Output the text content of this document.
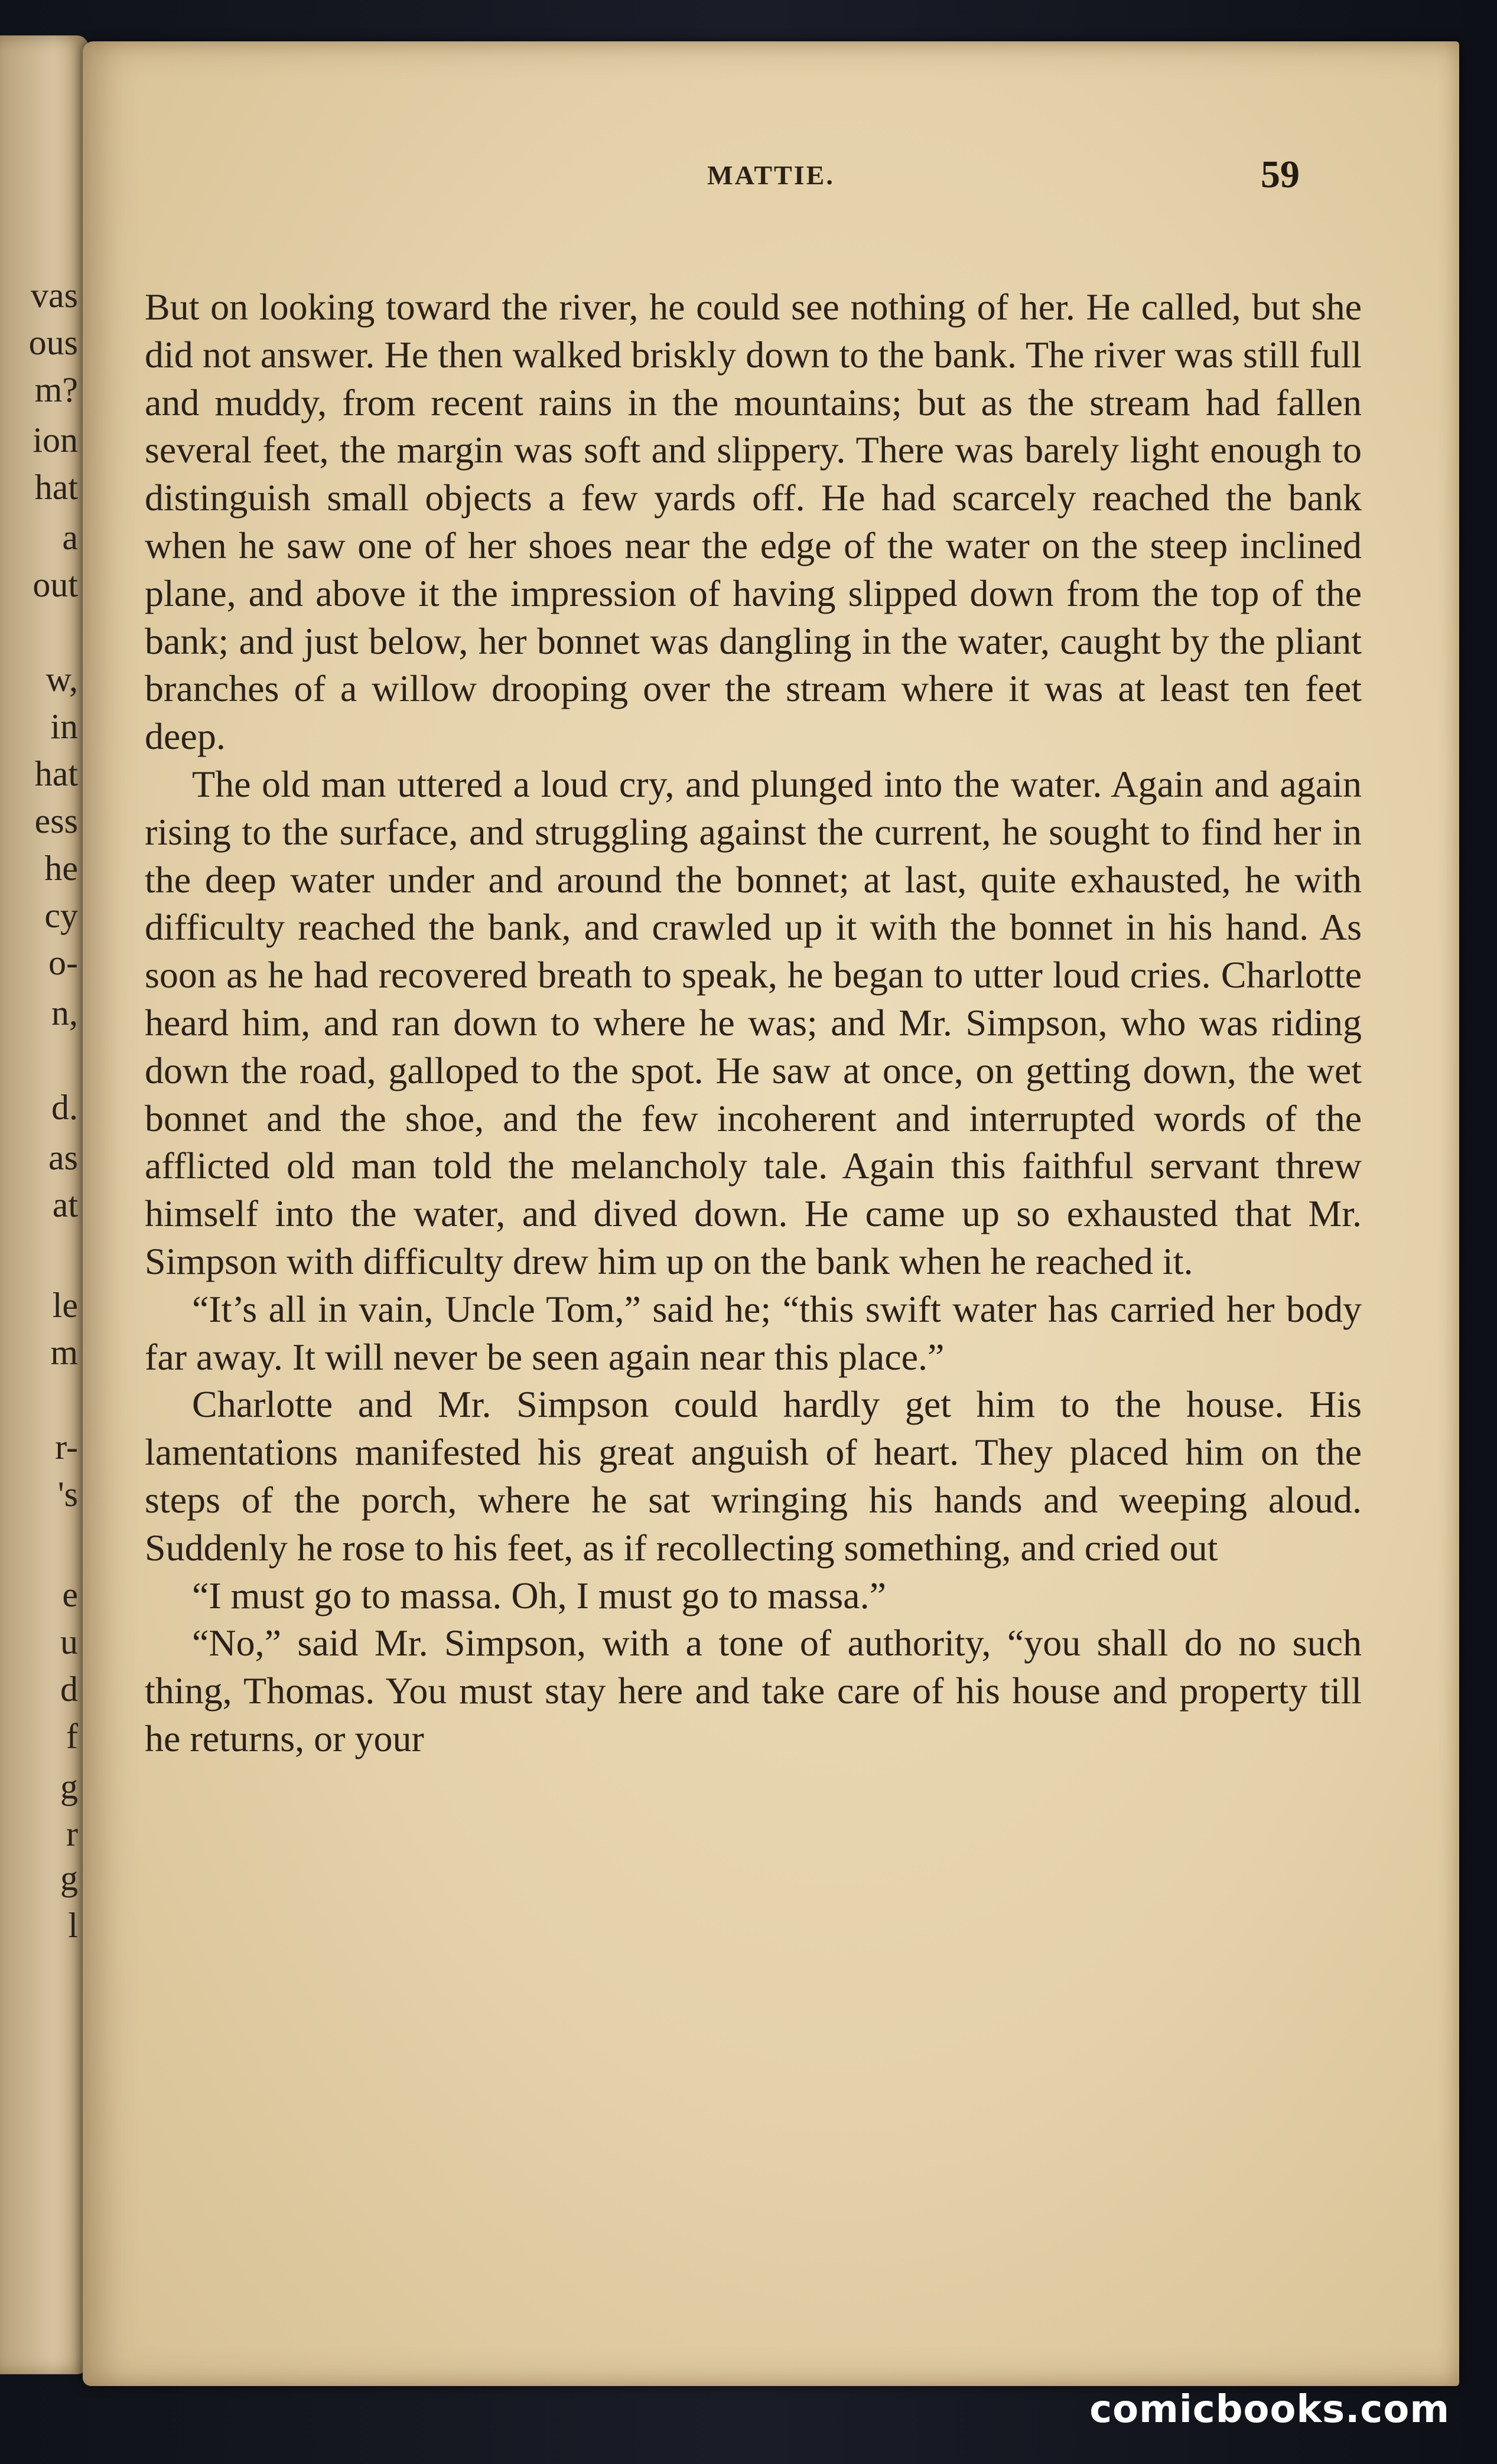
vas
ous
m?
ion
hat
a
out
w,
in
hat
ess
he
cy
o-
n,
d.
as
at
le
m
r-
's
e
u
d
f
g
r
g
l
MATTIE.	59

But on looking toward the river, he could see nothing of her. He called, but she did not answer. He then walked briskly down to the bank. The river was still full and muddy, from recent rains in the mountains; but as the stream had fallen several feet, the margin was soft and slippery. There was barely light enough to distinguish small objects a few yards off. He had scarcely reached the bank when he saw one of her shoes near the edge of the water on the steep inclined plane, and above it the impression of having slipped down from the top of the bank; and just below, her bonnet was dangling in the water, caught by the pliant branches of a willow drooping over the stream where it was at least ten feet deep.

The old man uttered a loud cry, and plunged into the water. Again and again rising to the surface, and struggling against the current, he sought to find her in the deep water under and around the bonnet; at last, quite exhausted, he with difficulty reached the bank, and crawled up it with the bonnet in his hand. As soon as he had recovered breath to speak, he began to utter loud cries. Charlotte heard him, and ran down to where he was; and Mr. Simpson, who was riding down the road, galloped to the spot. He saw at once, on getting down, the wet bonnet and the shoe, and the few incoherent and interrupted words of the afflicted old man told the melancholy tale. Again this faithful servant threw himself into the water, and dived down. He came up so exhausted that Mr. Simpson with difficulty drew him up on the bank when he reached it.

“It’s all in vain, Uncle Tom,” said he; “this swift water has carried her body far away. It will never be seen again near this place.”

Charlotte and Mr. Simpson could hardly get him to the house. His lamentations manifested his great anguish of heart. They placed him on the steps of the porch, where he sat wringing his hands and weeping aloud. Suddenly he rose to his feet, as if recollecting something, and cried out

“I must go to massa. Oh, I must go to massa.”

“No,” said Mr. Simpson, with a tone of authority, “you shall do no such thing, Thomas. You must stay here and take care of his house and property till he returns, or your

comicbooks.com
